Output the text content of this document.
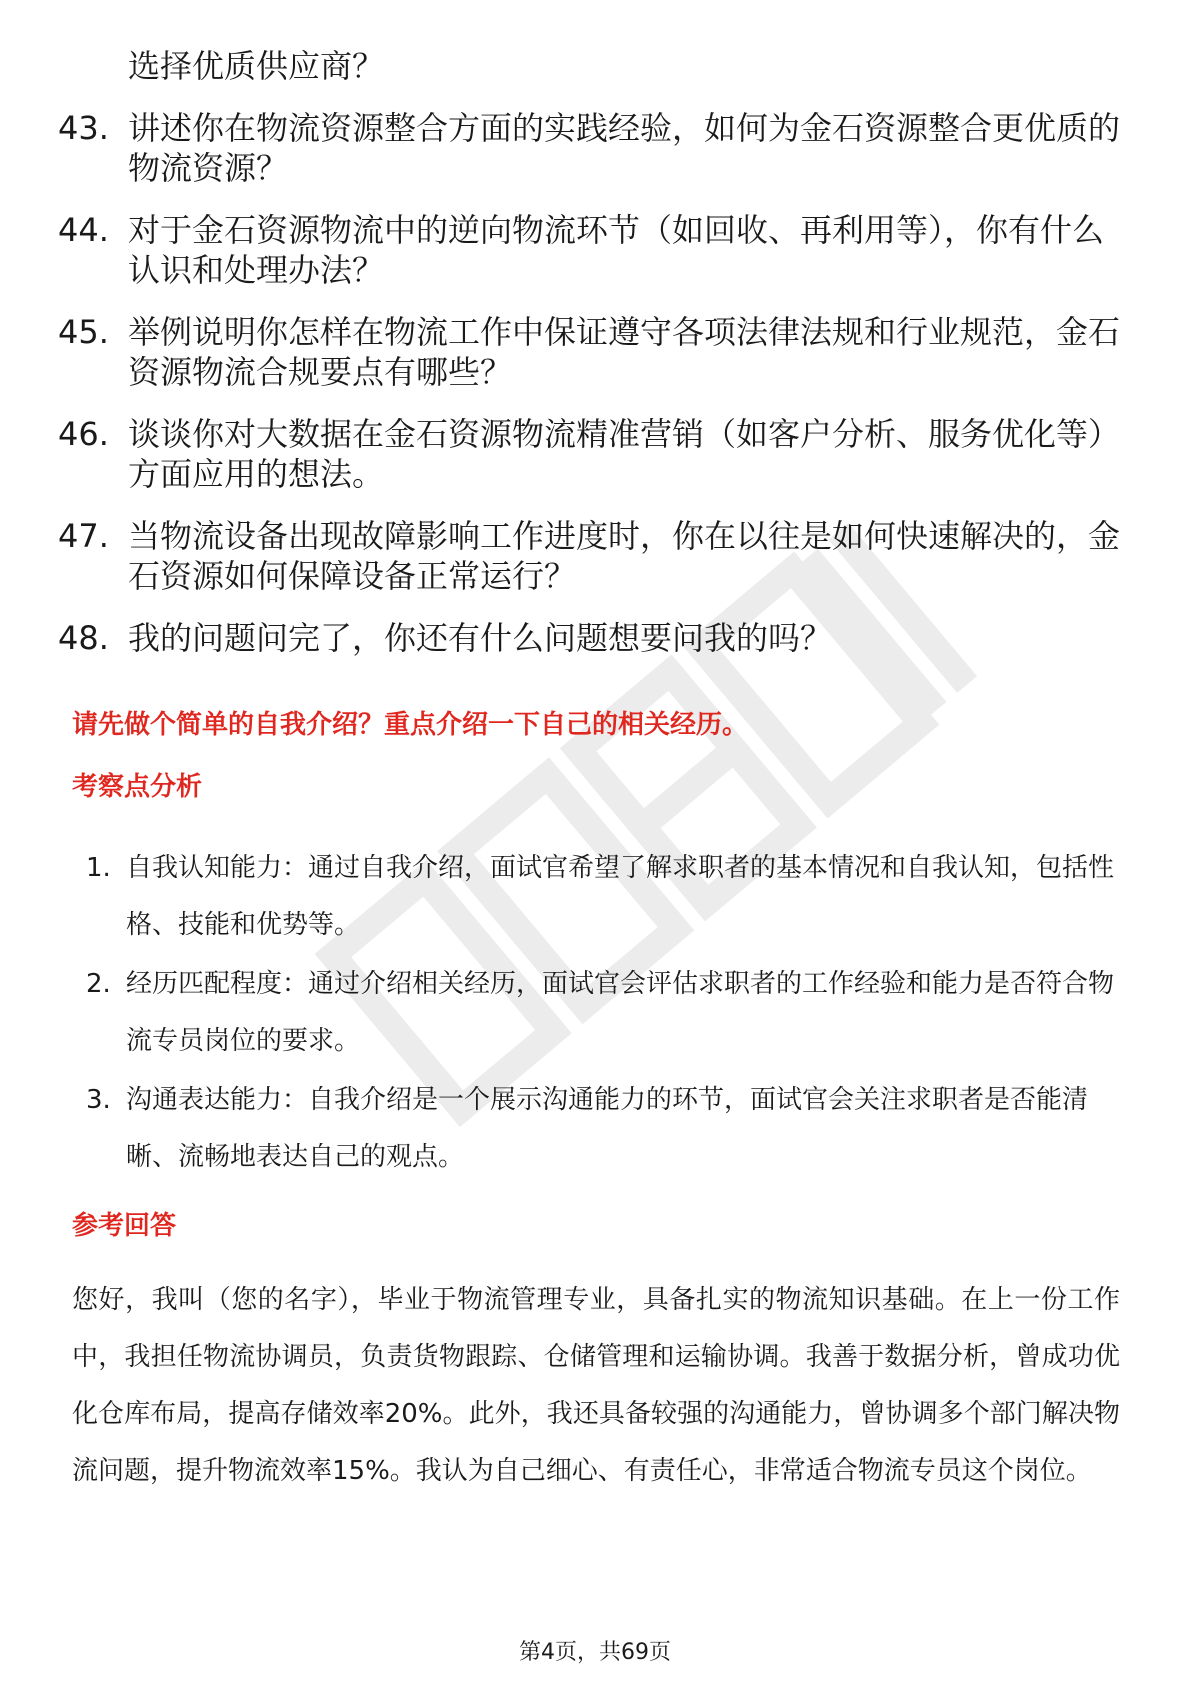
选择优质供应商？
43. 讲述你在物流资源整合方面的实践经验，如何为金石资源整合更优质的物流资源？
44. 对于金石资源物流中的逆向物流环节（如回收、再利用等），你有什么认识和处理办法？
45. 举例说明你怎样在物流工作中保证遵守各项法律法规和行业规范，金石资源物流合规要点有哪些？
46. 谈谈你对大数据在金石资源物流精准营销（如客户分析、服务优化等）方面应用的想法。
47. 当物流设备出现故障影响工作进度时，你在以往是如何快速解决的，金石资源如何保障设备正常运行？
48. 我的问题问完了，你还有什么问题想要问我的吗？
请先做个简单的自我介绍？重点介绍一下自己的相关经历。
考察点分析
1. 自我认知能力：通过自我介绍，面试官希望了解求职者的基本情况和自我认知，包括性格、技能和优势等。
2. 经历匹配程度：通过介绍相关经历，面试官会评估求职者的工作经验和能力是否符合物流专员岗位的要求。
3. 沟通表达能力：自我介绍是一个展示沟通能力的环节，面试官会关注求职者是否能清晰、流畅地表达自己的观点。
参考回答
您好，我叫（您的名字），毕业于物流管理专业，具备扎实的物流知识基础。在上一份工作中，我担任物流协调员，负责货物跟踪、仓储管理和运输协调。我善于数据分析，曾成功优化仓库布局，提高存储效率20%。此外，我还具备较强的沟通能力，曾协调多个部门解决物流问题，提升物流效率15%。我认为自己细心、有责任心，非常适合物流专员这个岗位。
第4页，共69页
